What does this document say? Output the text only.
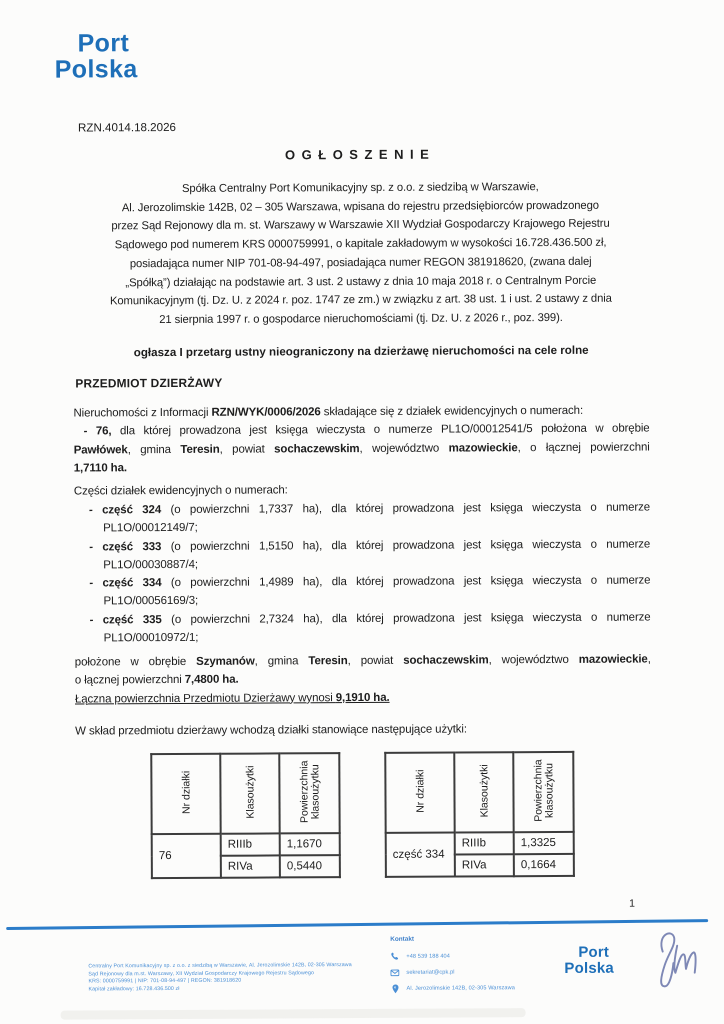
Port
Polska
RZN.4014.18.2026
OGŁOSZENIE
Spółka Centralny Port Komunikacyjny sp. z o.o. z siedzibą w Warszawie,
Al. Jerozolimskie 142B, 02 – 305 Warszawa, wpisana do rejestru przedsiębiorców prowadzonego
przez Sąd Rejonowy dla m. st. Warszawy w Warszawie XII Wydział Gospodarczy Krajowego Rejestru
Sądowego pod numerem KRS 0000759991, o kapitale zakładowym w wysokości 16.728.436.500 zł,
posiadająca numer NIP 701-08-94-497, posiadająca numer REGON 381918620, (zwana dalej
„Spółką”) działając na podstawie art. 3 ust. 2 ustawy z dnia 10 maja 2018 r. o Centralnym Porcie
Komunikacyjnym (tj. Dz. U. z 2024 r. poz. 1747 ze zm.) w związku z art. 38 ust. 1 i ust. 2 ustawy z dnia
21 sierpnia 1997 r. o gospodarce nieruchomościami (tj. Dz. U. z 2026 r., poz. 399).
ogłasza I przetarg ustny nieograniczony na dzierżawę nieruchomości na cele rolne
PRZEDMIOT DZIERŻAWY
Nieruchomości z Informacji RZN/WYK/0006/2026 składające się z działek ewidencyjnych o numerach:
- 76, dla której prowadzona jest księga wieczysta o numerze PL1O/00012541/5 położona w obrębie
Pawłówek, gmina Teresin, powiat sochaczewskim, województwo mazowieckie, o łącznej powierzchni
1,7110 ha.
Części działek ewidencyjnych o numerach:
- część 324 (o powierzchni 1,7337 ha), dla której prowadzona jest księga wieczysta o numerze
PL1O/00012149/7;
- część 333 (o powierzchni 1,5150 ha), dla której prowadzona jest księga wieczysta o numerze
PL1O/00030887/4;
- część 334 (o powierzchni 1,4989 ha), dla której prowadzona jest księga wieczysta o numerze
PL1O/00056169/3;
- część 335 (o powierzchni 2,7324 ha), dla której prowadzona jest księga wieczysta o numerze
PL1O/00010972/1;
położone w obrębie Szymanów, gmina Teresin, powiat sochaczewskim, województwo mazowieckie,
o łącznej powierzchni 7,4800 ha.
Łączna powierzchnia Przedmiotu Dzierżawy wynosi 9,1910 ha.
W skład przedmiotu dzierżawy wchodzą działki stanowiące następujące użytki:
Nr działki	Klasoużytki	Powierzchnia klasoużytku

76	RIIIb	1,1670
	RIVa	0,5440
Nr działki	Klasoużytki	Powierzchnia klasoużytku

część 334	RIIIb	1,3325
	RIVa	0,1664
1
Centralny Port Komunikacyjny sp. z o.o. z siedzibą w Warszawie, Al. Jerozolimskie 142B, 02-305 Warszawa
Sąd Rejonowy dla m.st. Warszawy, XII Wydział Gospodarczy Krajowego Rejestru Sądowego
KRS: 0000759991 | NIP: 701-08-94-497 | REGON: 381918620
Kapitał zakładowy: 16.728.436.500 zł
Kontakt
+48 539 188 404
sekretariat@cpk.pl
Al. Jerozolimskie 142B, 02-305 Warszawa
Port
Polska
